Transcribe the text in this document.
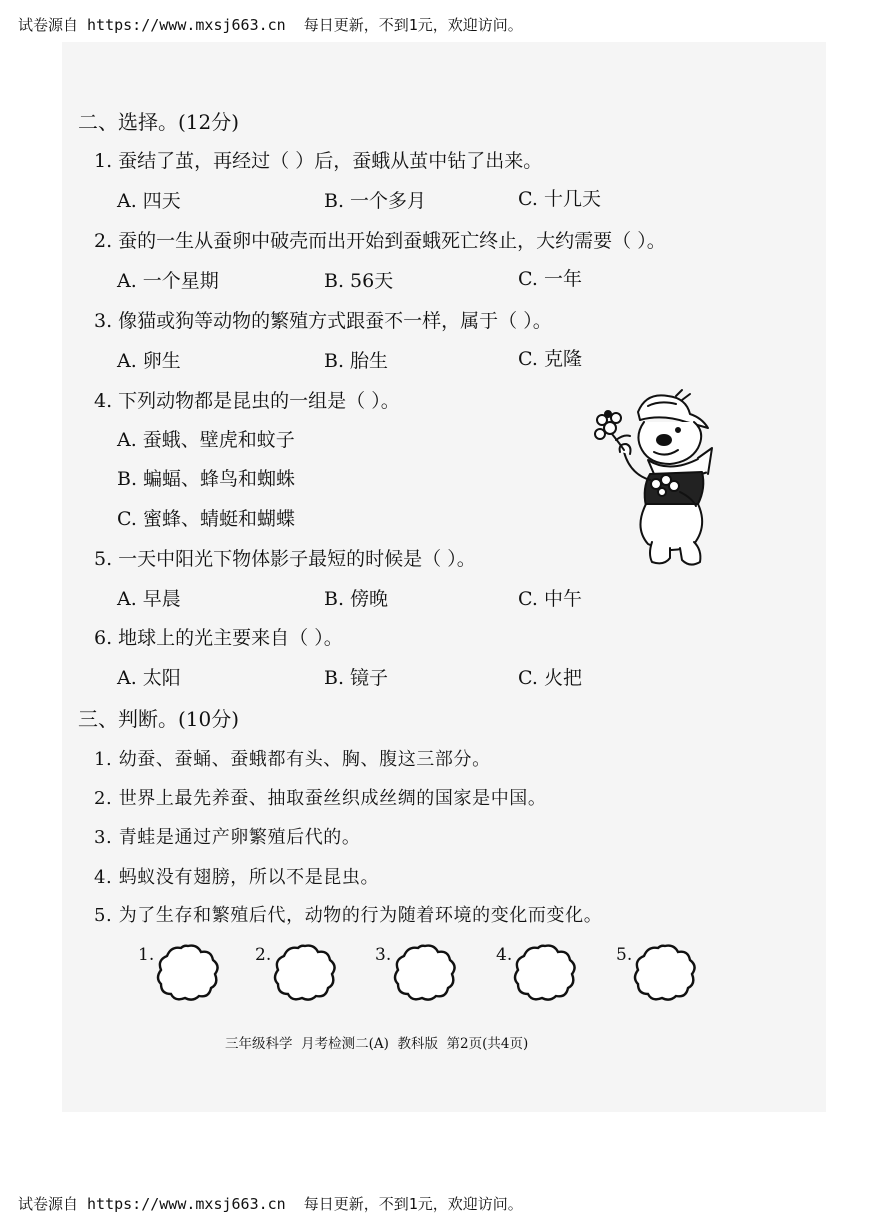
试卷源自 https://www.mxsj663.cn  每日更新，不到1元，欢迎访问。
二、选择。(12分)
1. 蚕结了茧，再经过（ ）后，蚕蛾从茧中钻了出来。
A. 四天	B. 一个多月	C. 十几天
2. 蚕的一生从蚕卵中破壳而出开始到蚕蛾死亡终止，大约需要（ ）。
A. 一个星期	B. 56天	C. 一年
3. 像猫或狗等动物的繁殖方式跟蚕不一样，属于（ ）。
A. 卵生	B. 胎生	C. 克隆
4. 下列动物都是昆虫的一组是（ ）。
A. 蚕蛾、壁虎和蚊子
B. 蝙蝠、蜂鸟和蜘蛛
C. 蜜蜂、蜻蜓和蝴蝶
5. 一天中阳光下物体影子最短的时候是（ ）。
A. 早晨	B. 傍晚	C. 中午
6. 地球上的光主要来自（ ）。
A. 太阳	B. 镜子	C. 火把
三、判断。(10分)
1. 幼蚕、蚕蛹、蚕蛾都有头、胸、腹这三部分。
2. 世界上最先养蚕、抽取蚕丝织成丝绸的国家是中国。
3. 青蛙是通过产卵繁殖后代的。
4. 蚂蚁没有翅膀，所以不是昆虫。
5. 为了生存和繁殖后代，动物的行为随着环境的变化而变化。
1.	2.	3.	4.	5.
三年级科学  月考检测二(A)  教科版  第2页(共4页)
试卷源自 https://www.mxsj663.cn  每日更新，不到1元，欢迎访问。
